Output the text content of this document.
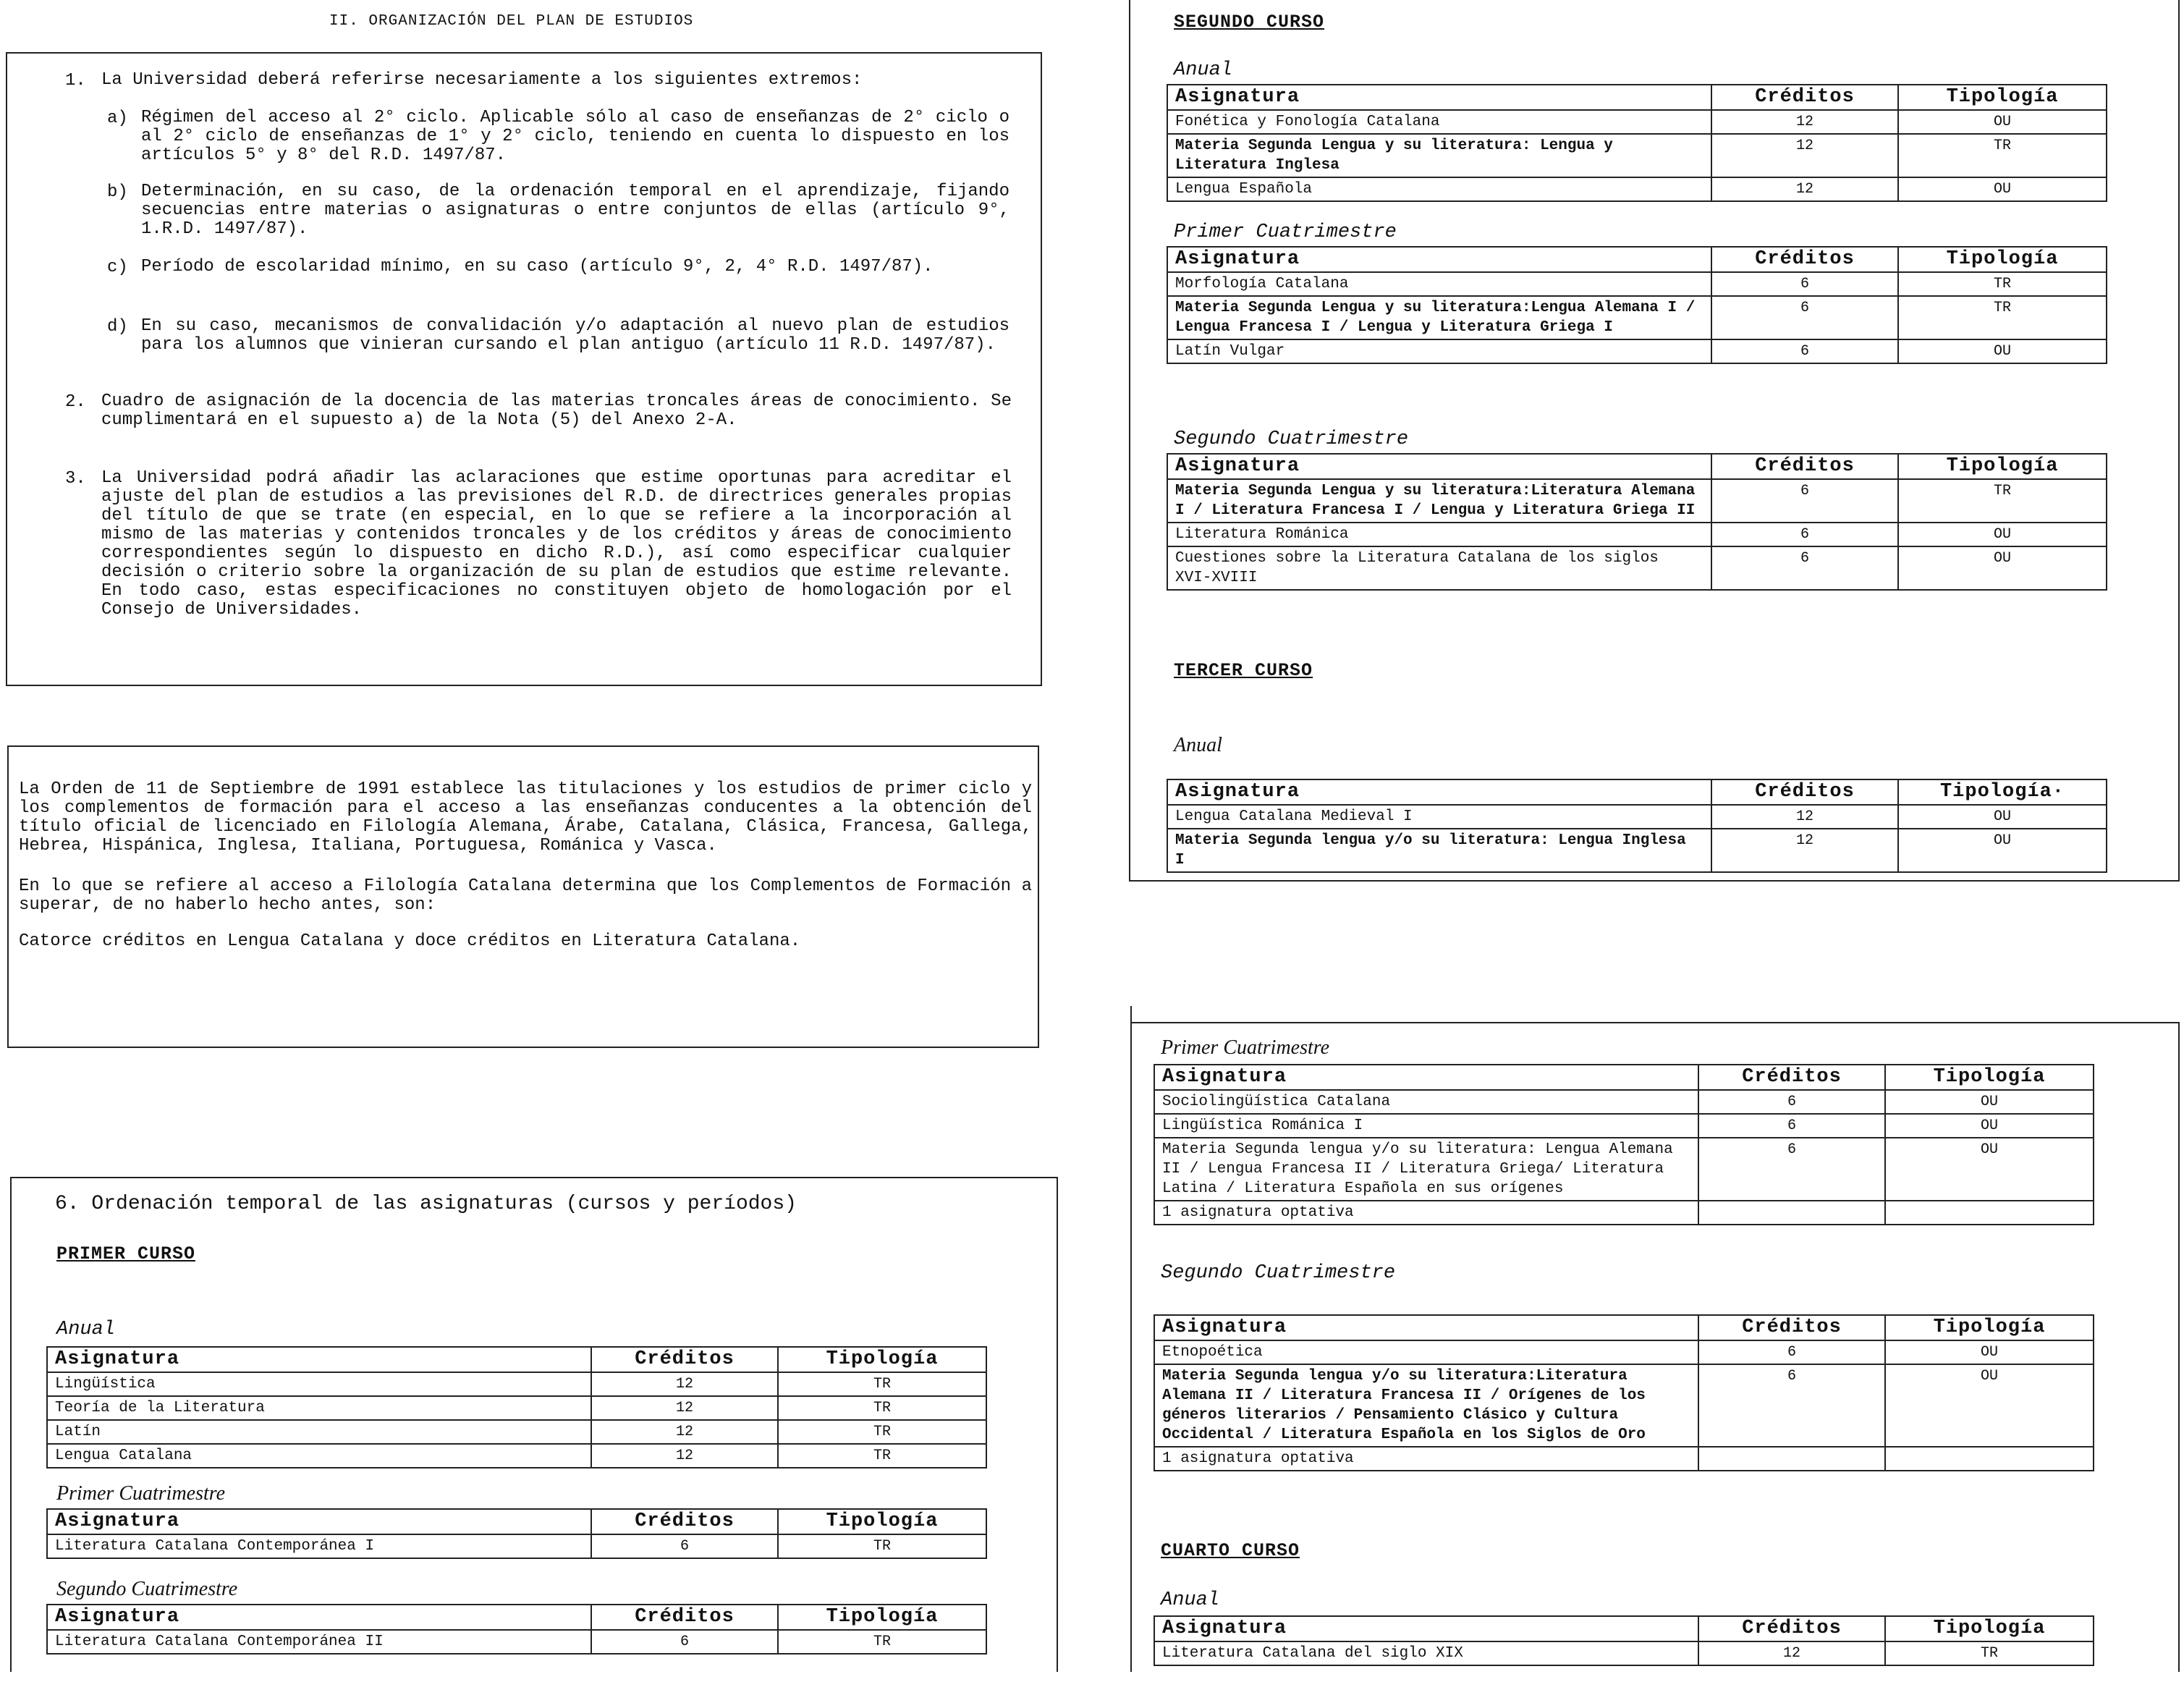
II. ORGANIZACIÓN DEL PLAN DE ESTUDIOS
1. La Universidad deberá referirse necesariamente a los siguientes extremos:
a) Régimen del acceso al 2° ciclo. Aplicable sólo al caso de enseñanzas de 2° ciclo o al 2° ciclo de enseñanzas de 1° y 2° ciclo, teniendo en cuenta lo dispuesto en los artículos 5° y 8° del R.D. 1497/87.
b) Determinación, en su caso, de la ordenación temporal en el aprendizaje, fijando secuencias entre materias o asignaturas o entre conjuntos de ellas (artículo 9°, 1.R.D. 1497/87).
c) Período de escolaridad mínimo, en su caso (artículo 9°, 2, 4° R.D. 1497/87).
d) En su caso, mecanismos de convalidación y/o adaptación al nuevo plan de estudios para los alumnos que vinieran cursando el plan antiguo (artículo 11 R.D. 1497/87).
2. Cuadro de asignación de la docencia de las materias troncales áreas de conocimiento. Se cumplimentará en el supuesto a) de la Nota (5) del Anexo 2-A.
3. La Universidad podrá añadir las aclaraciones que estime oportunas para acreditar el ajuste del plan de estudios a las previsiones del R.D. de directrices generales propias del título de que se trate (en especial, en lo que se refiere a la incorporación al mismo de las materias y contenidos troncales y de los créditos y áreas de conocimiento correspondientes según lo dispuesto en dicho R.D.), así como especificar cualquier decisión o criterio sobre la organización de su plan de estudios que estime relevante. En todo caso, estas especificaciones no constituyen objeto de homologación por el Consejo de Universidades.
La Orden de 11 de Septiembre de 1991 establece las titulaciones y los estudios de primer ciclo y los complementos de formación para el acceso a las enseñanzas conducentes a la obtención del título oficial de licenciado en Filología Alemana, Árabe, Catalana, Clásica, Francesa, Gallega, Hebrea, Hispánica, Inglesa, Italiana, Portuguesa, Románica y Vasca.
En lo que se refiere al acceso a Filología Catalana determina que los Complementos de Formación a superar, de no haberlo hecho antes, son:
Catorce créditos en Lengua Catalana y doce créditos en Literatura Catalana.
6. Ordenación temporal de las asignaturas (cursos y períodos)
PRIMER CURSO
Anual
Asignatura	Créditos	Tipología
Lingüística	12	TR
Teoría de la Literatura	12	TR
Latín	12	TR
Lengua Catalana	12	TR
Primer Cuatrimestre
Asignatura	Créditos	Tipología
Literatura Catalana Contemporánea I	6	TR
Segundo Cuatrimestre
Asignatura	Créditos	Tipología
Literatura Catalana Contemporánea II	6	TR
SEGUNDO CURSO
Anual
Asignatura	Créditos	Tipología
Fonética y Fonología Catalana	12	OU
Materia Segunda Lengua y su literatura: Lengua y Literatura Inglesa	12	TR
Lengua Española	12	OU
Primer Cuatrimestre
Asignatura	Créditos	Tipología
Morfología Catalana	6	TR
Materia Segunda Lengua y su literatura:Lengua Alemana I / Lengua Francesa I / Lengua y Literatura Griega I	6	TR
Latín Vulgar	6	OU
Segundo Cuatrimestre
Asignatura	Créditos	Tipología
Materia Segunda Lengua y su literatura:Literatura Alemana I / Literatura Francesa I / Lengua y Literatura Griega II	6	TR
Literatura Románica	6	OU
Cuestiones sobre la Literatura Catalana de los siglos XVI-XVIII	6	OU
TERCER CURSO
Anual
Asignatura	Créditos	Tipología·
Lengua Catalana Medieval I	12	OU
Materia Segunda lengua y/o su literatura: Lengua Inglesa I	12	OU
Primer Cuatrimestre
Asignatura	Créditos	Tipología
Sociolingüística Catalana	6	OU
Lingüística Románica I	6	OU
Materia Segunda lengua y/o su literatura: Lengua Alemana II / Lengua Francesa II / Literatura Griega/ Literatura Latina / Literatura Española en sus orígenes	6	OU
1 asignatura optativa		
Segundo Cuatrimestre
Asignatura	Créditos	Tipología
Etnopoética	6	OU
Materia Segunda lengua y/o su literatura:Literatura Alemana II / Literatura Francesa II / Orígenes de los géneros literarios / Pensamiento Clásico y Cultura Occidental / Literatura Española en los Siglos de Oro	6	OU
1 asignatura optativa		
CUARTO CURSO
Anual
Asignatura	Créditos	Tipología
Literatura Catalana del siglo XIX	12	TR
